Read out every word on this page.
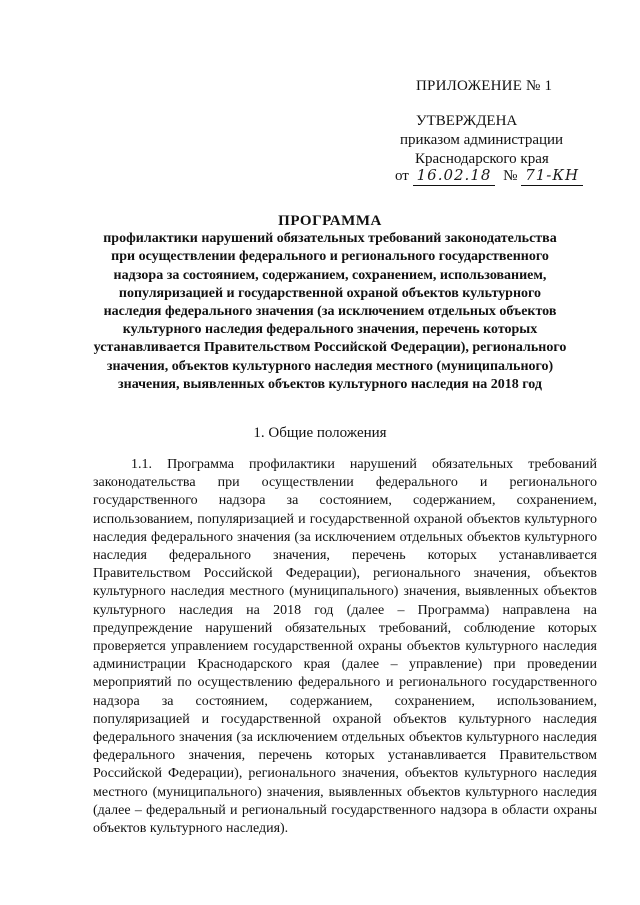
ПРИЛОЖЕНИЕ № 1
УТВЕРЖДЕНА
приказом администрации
Краснодарского края
от 16.02.18 № 71-КН
ПРОГРАММА
профилактики нарушений обязательных требований законодательства при осуществлении федерального и регионального государственного надзора за состоянием, содержанием, сохранением, использованием, популяризацией и государственной охраной объектов культурного наследия федерального значения (за исключением отдельных объектов культурного наследия федерального значения, перечень которых устанавливается Правительством Российской Федерации), регионального значения, объектов культурного наследия местного (муниципального) значения, выявленных объектов культурного наследия на 2018 год
1. Общие положения
1.1. Программа профилактики нарушений обязательных требований законодательства при осуществлении федерального и регионального государственного надзора за состоянием, содержанием, сохранением, использованием, популяризацией и государственной охраной объектов культурного наследия федерального значения (за исключением отдельных объектов культурного наследия федерального значения, перечень которых устанавливается Правительством Российской Федерации), регионального значения, объектов культурного наследия местного (муниципального) значения, выявленных объектов культурного наследия на 2018 год (далее – Программа) направлена на предупреждение нарушений обязательных требований, соблюдение которых проверяется управлением государственной охраны объектов культурного наследия администрации Краснодарского края (далее – управление) при проведении мероприятий по осуществлению федерального и регионального государственного надзора за состоянием, содержанием, сохранением, использованием, популяризацией и государственной охраной объектов культурного наследия федерального значения (за исключением отдельных объектов культурного наследия федерального значения, перечень которых устанавливается Правительством Российской Федерации), регионального значения, объектов культурного наследия местного (муниципального) значения, выявленных объектов культурного наследия (далее – федеральный и региональный государственного надзора в области охраны объектов культурного наследия).
